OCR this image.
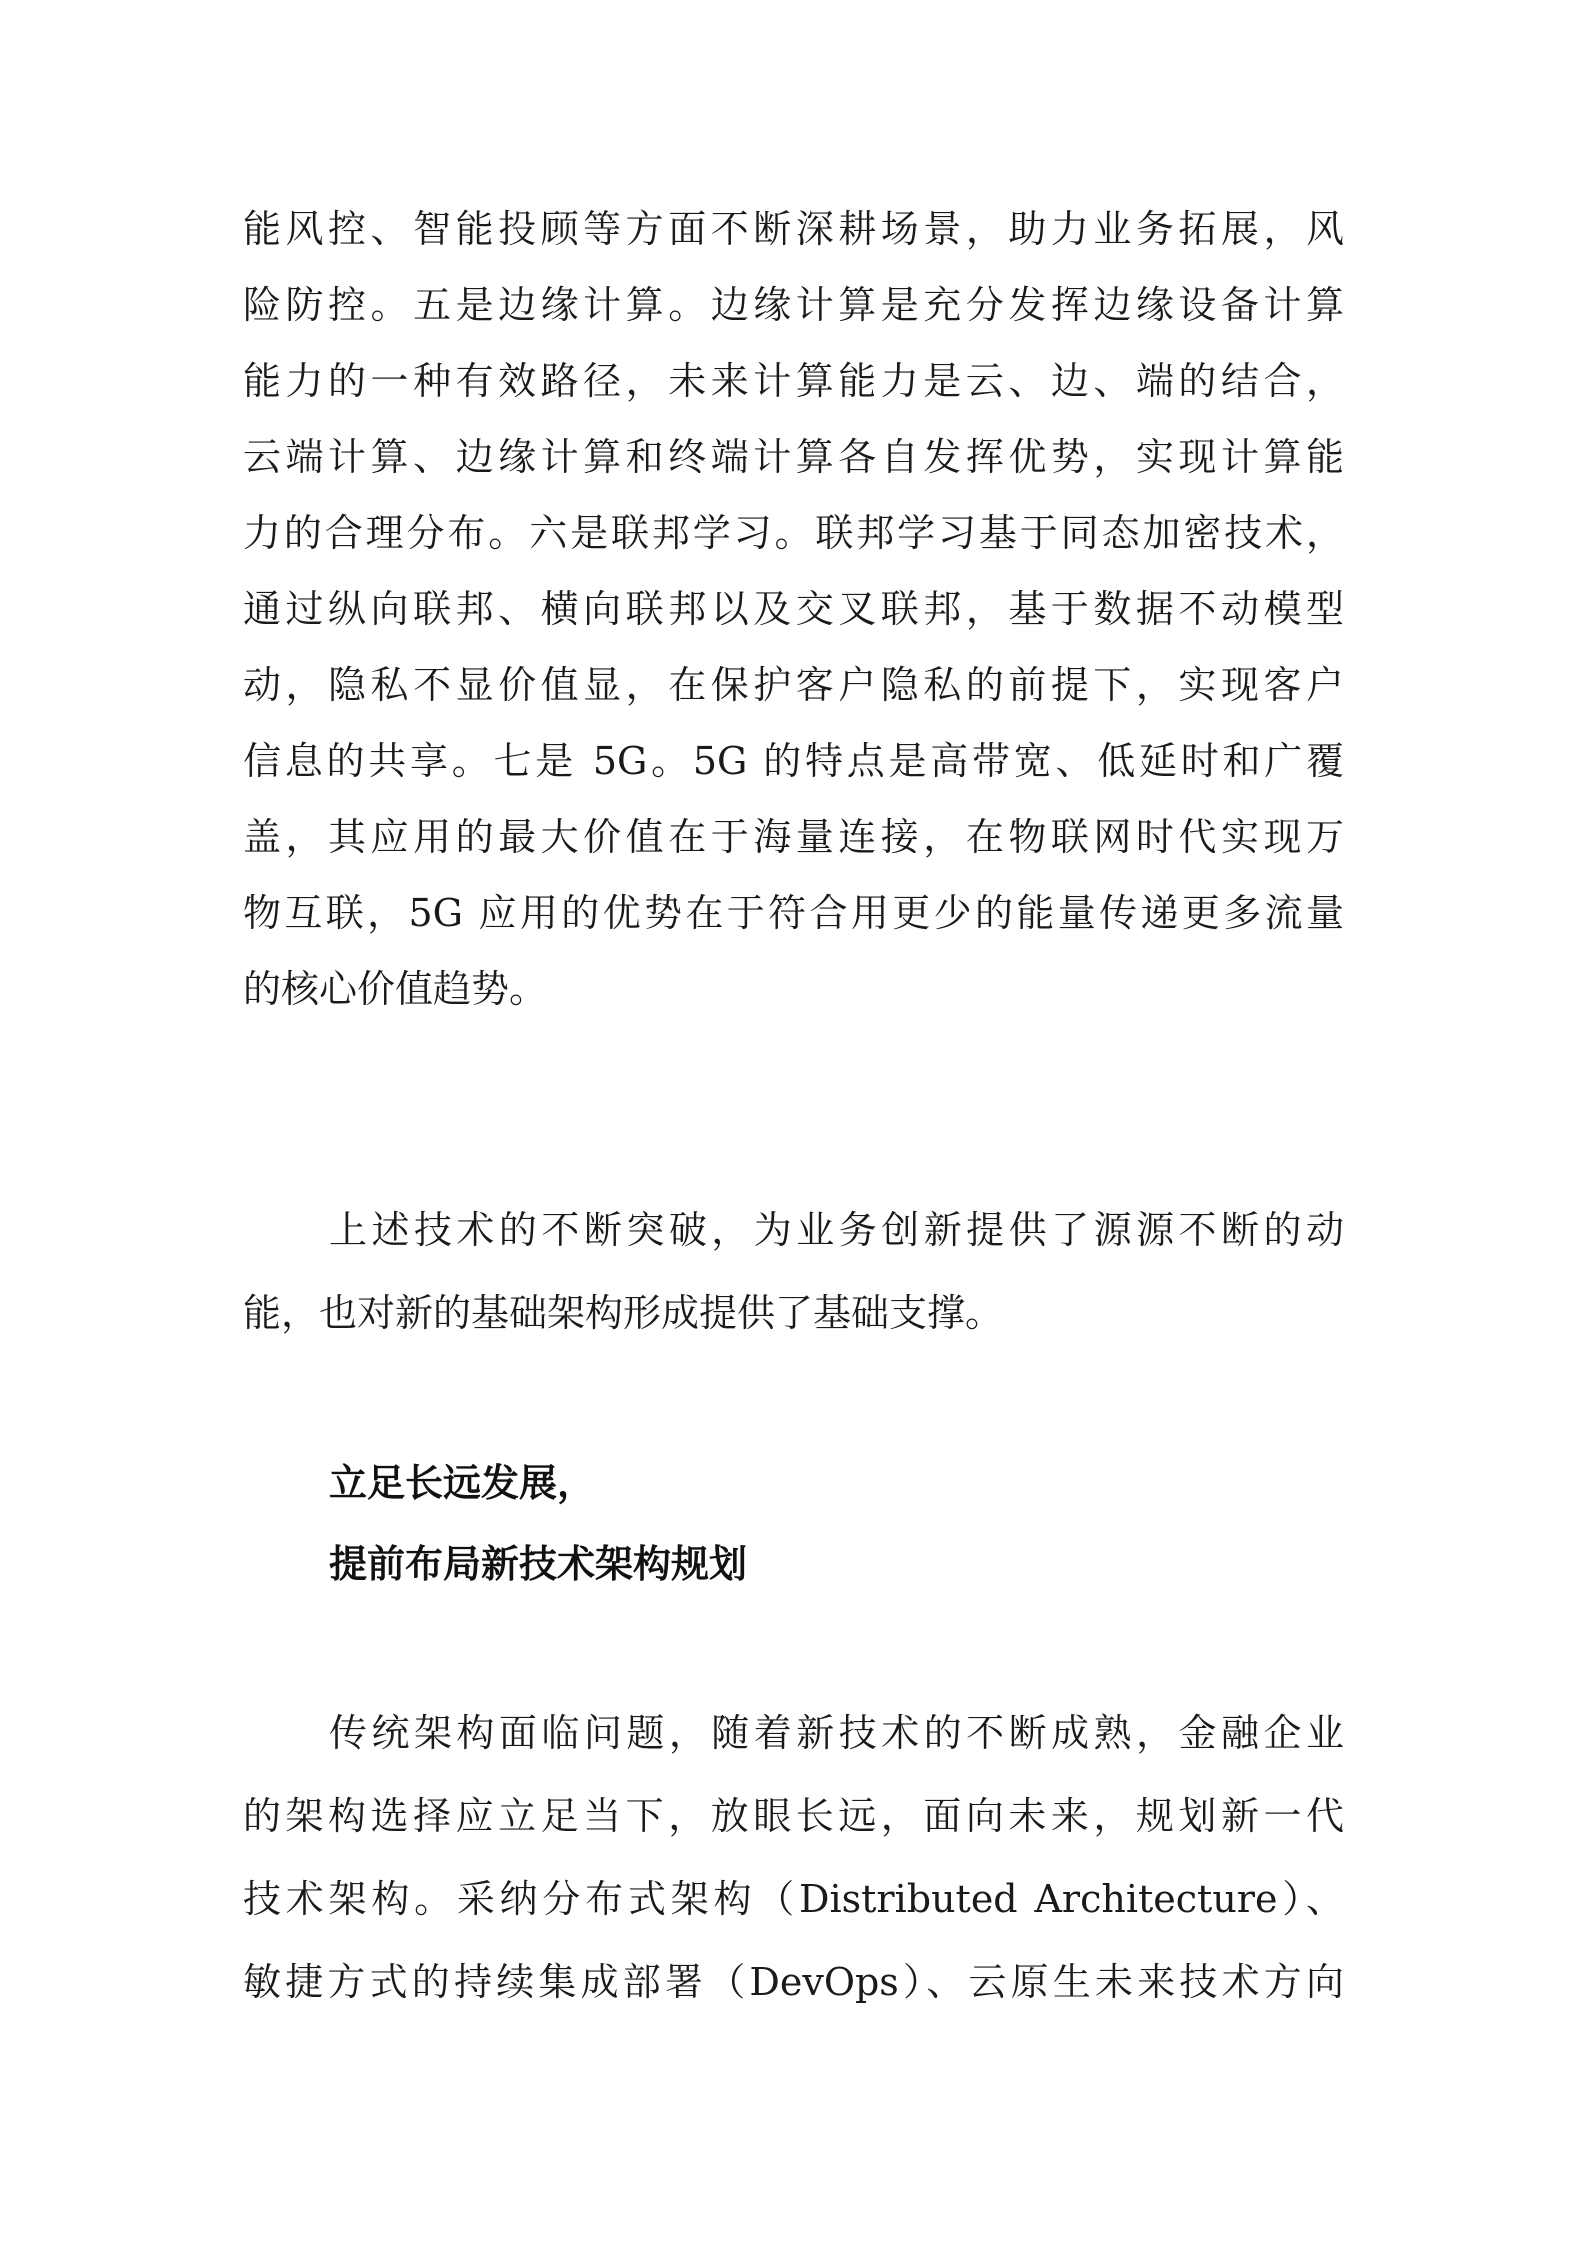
能风控、智能投顾等方面不断深耕场景，助力业务拓展，风
险防控。五是边缘计算。边缘计算是充分发挥边缘设备计算
能力的一种有效路径，未来计算能力是云、边、端的结合，
云端计算、边缘计算和终端计算各自发挥优势，实现计算能
力的合理分布。六是联邦学习。联邦学习基于同态加密技术，
通过纵向联邦、横向联邦以及交叉联邦，基于数据不动模型
动，隐私不显价值显，在保护客户隐私的前提下，实现客户
信息的共享。七是 5G。5G 的特点是高带宽、低延时和广覆
盖，其应用的最大价值在于海量连接，在物联网时代实现万
物互联，5G 应用的优势在于符合用更少的能量传递更多流量
的核心价值趋势。
上述技术的不断突破，为业务创新提供了源源不断的动
能，也对新的基础架构形成提供了基础支撑。
立足长远发展，
提前布局新技术架构规划
传统架构面临问题，随着新技术的不断成熟，金融企业
的架构选择应立足当下，放眼长远，面向未来，规划新一代
技术架构。采纳分布式架构（Distributed Architecture）、
敏捷方式的持续集成部署（DevOps）、云原生未来技术方向
